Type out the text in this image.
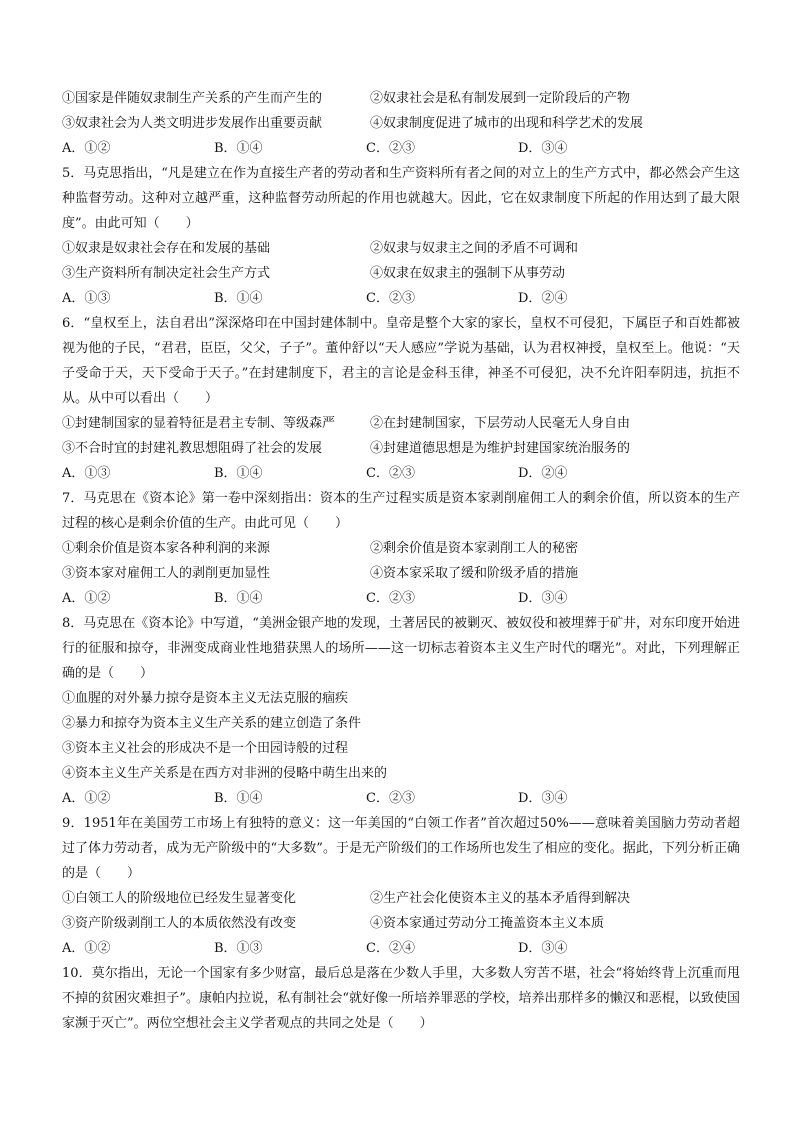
①国家是伴随奴隶制生产关系的产生而产生的	②奴隶社会是私有制发展到一定阶段后的产物
③奴隶社会为人类文明进步发展作出重要贡献	④奴隶制度促进了城市的出现和科学艺术的发展
A．①②	B．①④	C．②③	D．③④
5．马克思指出，“凡是建立在作为直接生产者的劳动者和生产资料所有者之间的对立上的生产方式中，都必然会产生这种监督劳动。这种对立越严重，这种监督劳动所起的作用也就越大。因此，它在奴隶制度下所起的作用达到了最大限度”。由此可知（　　）
①奴隶是奴隶社会存在和发展的基础	②奴隶与奴隶主之间的矛盾不可调和
③生产资料所有制决定社会生产方式	④奴隶在奴隶主的强制下从事劳动
A．①③	B．①④	C．②③	D．②④
6．“皇权至上，法自君出”深深烙印在中国封建体制中。皇帝是整个大家的家长，皇权不可侵犯，下属臣子和百姓都被视为他的子民，“君君，臣臣，父父，子子”。董仲舒以“天人感应”学说为基础，认为君权神授，皇权至上。他说：“天子受命于天，天下受命于天子。”在封建制度下，君主的言论是金科玉律，神圣不可侵犯，决不允许阳奉阴违，抗拒不从。从中可以看出（　　）
①封建制国家的显着特征是君主专制、等级森严	②在封建制国家，下层劳动人民毫无人身自由
③不合时宜的封建礼教思想阻碍了社会的发展	④封建道德思想是为维护封建国家统治服务的
A．①③	B．①④	C．②③	D．②④
7．马克思在《资本论》第一卷中深刻指出：资本的生产过程实质是资本家剥削雇佣工人的剩余价值，所以资本的生产过程的核心是剩余价值的生产。由此可见（　　）
①剩余价值是资本家各种利润的来源	②剩余价值是资本家剥削工人的秘密
③资本家对雇佣工人的剥削更加显性	④资本家采取了缓和阶级矛盾的措施
A．①②	B．①④	C．②③	D．③④
8．马克思在《资本论》中写道，“美洲金银产地的发现，土著居民的被剿灭、被奴役和被埋葬于矿井，对东印度开始进行的征服和掠夺，非洲变成商业性地猎获黑人的场所——这一切标志着资本主义生产时代的曙光”。对此，下列理解正确的是（　　）
①血腥的对外暴力掠夺是资本主义无法克服的痼疾
②暴力和掠夺为资本主义生产关系的建立创造了条件
③资本主义社会的形成决不是一个田园诗般的过程
④资本主义生产关系是在西方对非洲的侵略中萌生出来的
A．①②	B．①④	C．②③	D．③④
9．1951年在美国劳工市场上有独特的意义：这一年美国的“白领工作者”首次超过50%——意味着美国脑力劳动者超过了体力劳动者，成为无产阶级中的“大多数”。于是无产阶级们的工作场所也发生了相应的变化。据此，下列分析正确的是（　　）
①白领工人的阶级地位已经发生显著变化	②生产社会化使资本主义的基本矛盾得到解决
③资产阶级剥削工人的本质依然没有改变	④资本家通过劳动分工掩盖资本主义本质
A．①②	B．①③	C．②④	D．③④
10．莫尔指出，无论一个国家有多少财富，最后总是落在少数人手里，大多数人穷苦不堪，社会“将始终背上沉重而甩不掉的贫困灾难担子”。康帕内拉说，私有制社会“就好像一所培养罪恶的学校，培养出那样多的懒汉和恶棍，以致使国家濒于灭亡”。两位空想社会主义学者观点的共同之处是（　　）
